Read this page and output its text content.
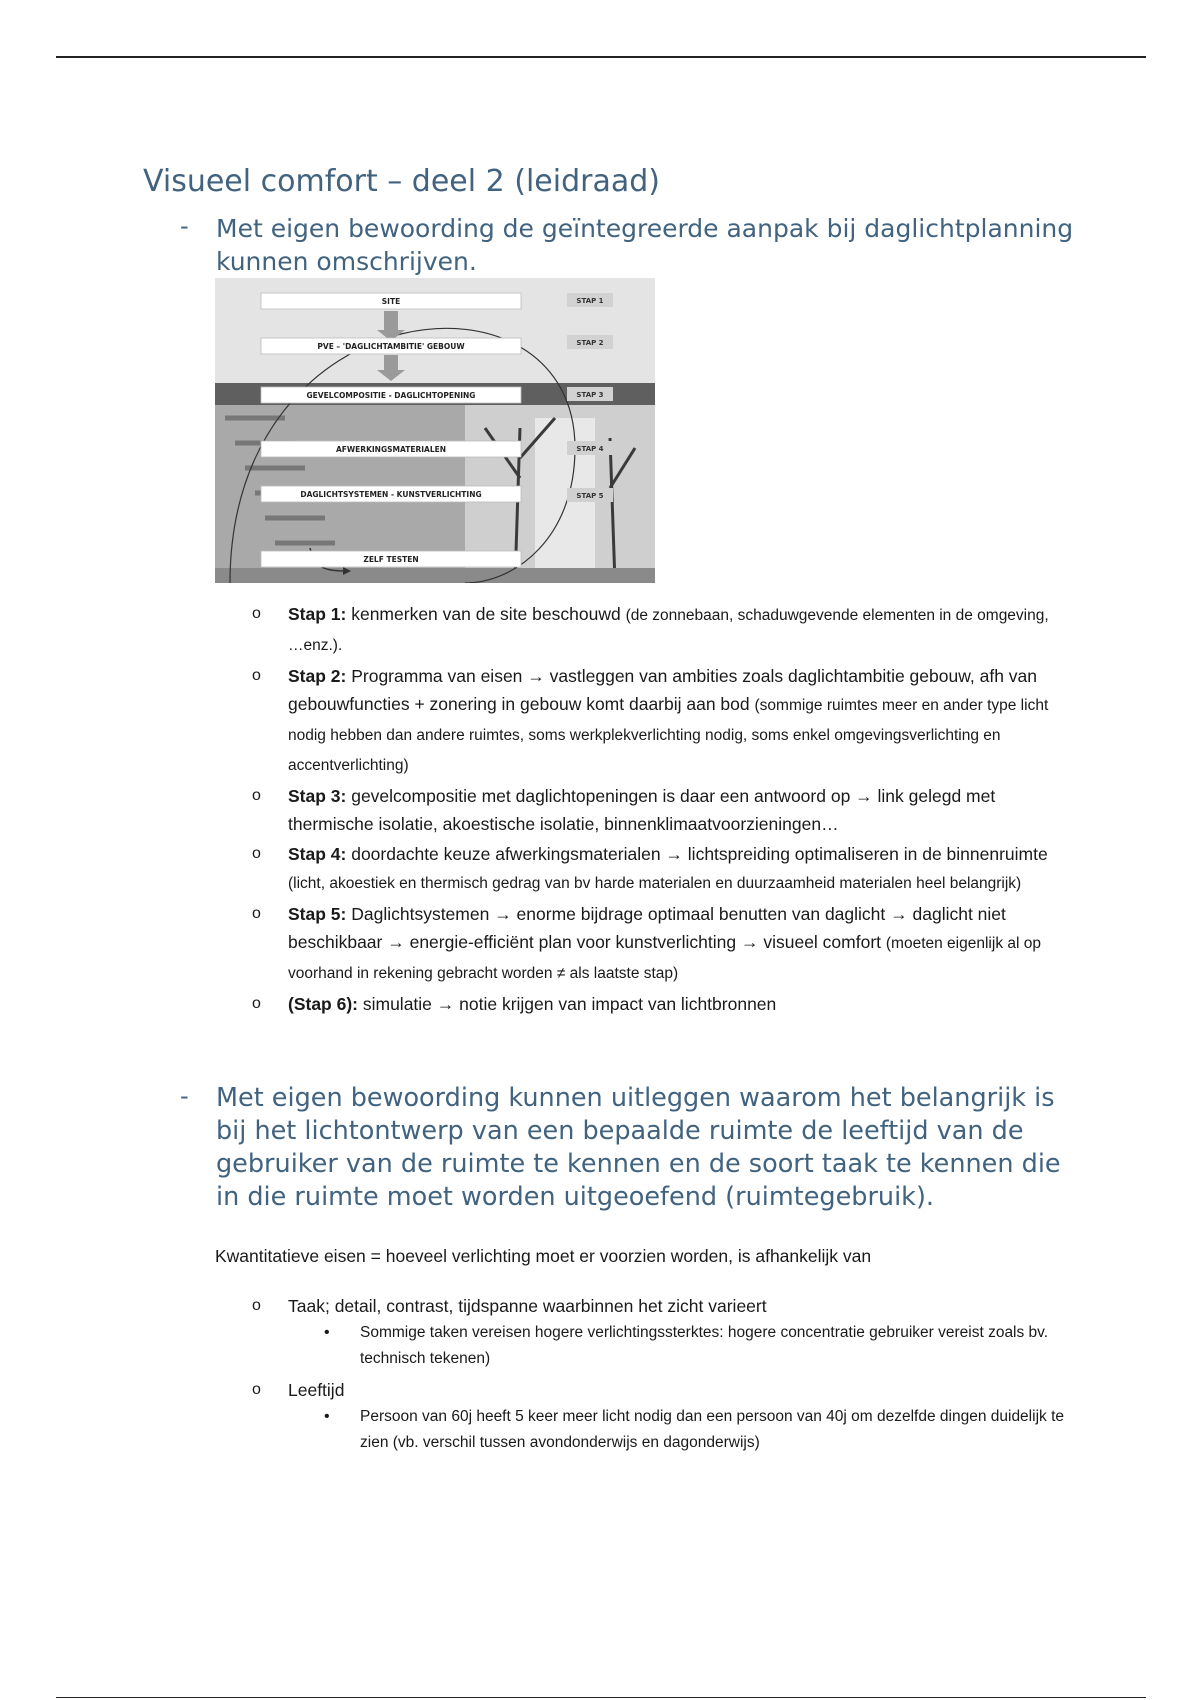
Visueel comfort – deel 2 (leidraad)
- Met eigen bewoording de geïntegreerde aanpak bij daglichtplanning kunnen omschrijven.
SITE
PVE – 'DAGLICHTAMBITIE' GEBOUW
GEVELCOMPOSITIE - DAGLICHTOPENING
AFWERKINGSMATERIALEN
DAGLICHTSYSTEMEN - KUNSTVERLICHTING
ZELF TESTEN
STAP 1
STAP 2
STAP 3
STAP 4
STAP 5
o Stap 1: kenmerken van de site beschouwd (de zonnebaan, schaduwgevende elementen in de omgeving, …enz.).
o Stap 2: Programma van eisen → vastleggen van ambities zoals daglichtambitie gebouw, afh van gebouwfuncties + zonering in gebouw komt daarbij aan bod (sommige ruimtes meer en ander type licht nodig hebben dan andere ruimtes, soms werkplekverlichting nodig, soms enkel omgevingsverlichting en accentverlichting)
o Stap 3: gevelcompositie met daglichtopeningen is daar een antwoord op → link gelegd met thermische isolatie, akoestische isolatie, binnenklimaatvoorzieningen…
o Stap 4: doordachte keuze afwerkingsmaterialen → lichtspreiding optimaliseren in de binnenruimte (licht, akoestiek en thermisch gedrag van bv harde materialen en duurzaamheid materialen heel belangrijk)
o Stap 5: Daglichtsystemen → enorme bijdrage optimaal benutten van daglicht → daglicht niet beschikbaar → energie-efficiënt plan voor kunstverlichting → visueel comfort (moeten eigenlijk al op voorhand in rekening gebracht worden ≠ als laatste stap)
o (Stap 6): simulatie → notie krijgen van impact van lichtbronnen
- Met eigen bewoording kunnen uitleggen waarom het belangrijk is bij het lichtontwerp van een bepaalde ruimte de leeftijd van de gebruiker van de ruimte te kennen en de soort taak te kennen die in die ruimte moet worden uitgeoefend (ruimtegebruik).
Kwantitatieve eisen = hoeveel verlichting moet er voorzien worden, is afhankelijk van
o Taak; detail, contrast, tijdspanne waarbinnen het zicht varieert
• Sommige taken vereisen hogere verlichtingssterktes: hogere concentratie gebruiker vereist zoals bv. technisch tekenen)
o Leeftijd
• Persoon van 60j heeft 5 keer meer licht nodig dan een persoon van 40j om dezelfde dingen duidelijk te zien (vb. verschil tussen avondonderwijs en dagonderwijs)
